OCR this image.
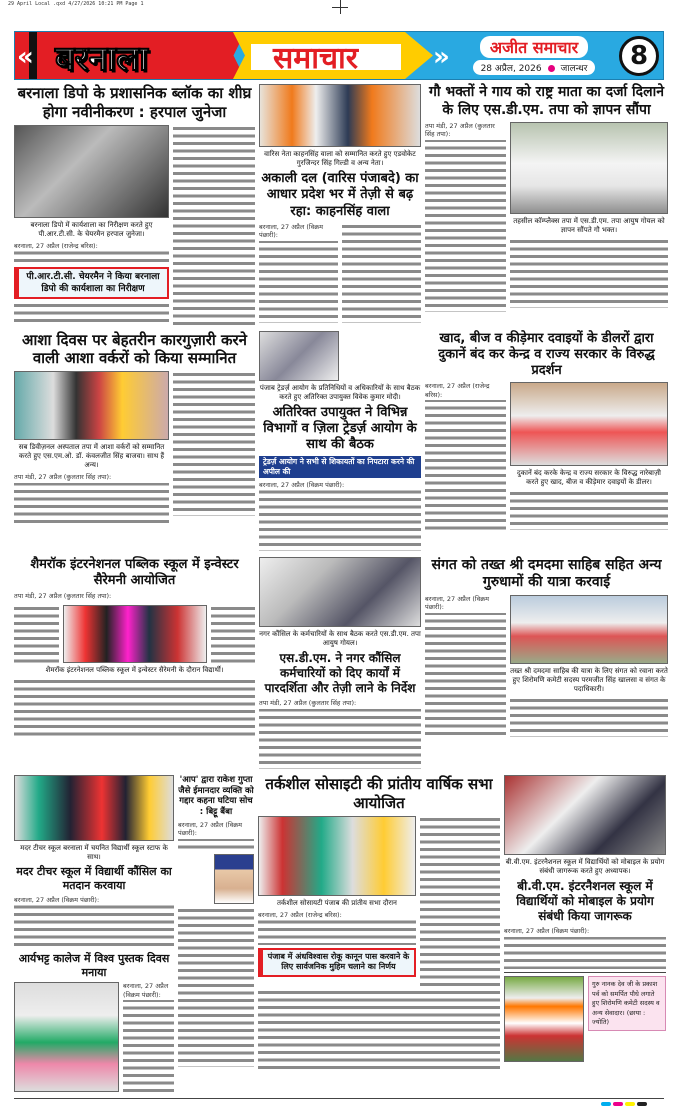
29 April Local .qxd 4/27/2026 10:21 PM Page 1
«	»
बरनाला	समाचार	अजीत समाचार
28 अप्रैल, 2026 जालन्धर	8
बरनाला डिपो के प्रशासनिक ब्लॉक का शीघ्र होगा नवीनीकरण : हरपाल जुनेजा
बरनाला डिपो में कार्यशाला का निरीक्षण करते हुए पी.आर.टी.सी. के चेयरमैन हरपाल जुनेजा।
बरनाला, 27 अप्रैल (राजेन्द्र बरिस):
पी.आर.टी.सी. चेयरमैन ने किया बरनाला डिपो की कार्यशाला का निरीक्षण
वारिस नेता काहनसिंह वाला को सम्मानित करते हुए एडवोकेट गुरजिन्दर सिंह गिल्डी व अन्य नेता।
अकाली दल (वारिस पंजाबदे) का आधार प्रदेश भर में तेज़ी से बढ़ रहा: काहनसिंह वाला
बरनाला, 27 अप्रैल (विक्रम पंछारी):
गौ भक्तों ने गाय को राष्ट्र माता का दर्जा दिलाने के लिए एस.डी.एम. तपा को ज्ञापन सौंपा
तपा मंडी, 27 अप्रैल (कुलतार सिंह तपा):
तहसील कॉम्प्लैक्स तपा में एस.डी.एम. तपा आयुष गोयल को ज्ञापन सौंपते गौ भक्त।
आशा दिवस पर बेहतरीन कारगुज़ारी करने वाली आशा वर्करों को किया सम्मानित
सब डिवीज़नल अस्पताल तपा में आशा वर्करों को सम्मानित करते हुए एस.एम.ओ. डॉ. कंवलजीत सिंह बाजवा। साथ हैं अन्य।
तपा मंडी, 27 अप्रैल (कुलतार सिंह तपा):
पंजाब ट्रेडर्ज़ आयोग के प्रतिनिधियों व अधिकारियों के साथ बैठक करते हुए अतिरिक्त उपायुक्त विवेक कुमार मोदी।
अतिरिक्त उपायुक्त ने विभिन्न विभागों व ज़िला ट्रेडर्ज़ आयोग के साथ की बैठक
ट्रेडर्ज़ आयोग ने सभी से शिकायतों का निपटारा करने की अपील की
बरनाला, 27 अप्रैल (विक्रम पंछारी):
खाद, बीज व कीड़ेमार दवाइयों के डीलरों द्वारा दुकानें बंद कर केन्द्र व राज्य सरकार के विरुद्ध प्रदर्शन
बरनाला, 27 अप्रैल (राजेन्द्र बरिस):
दुकानें बंद करके केन्द्र व राज्य सरकार के विरुद्ध नारेबाज़ी करते हुए खाद, बीज व कीड़ेमार दवाइयों के डीलर।
शैमरॉक इंटरनेशनल पब्लिक स्कूल में इन्वेस्टर सैरेमनी आयोजित
तपा मंडी, 27 अप्रैल (कुलतार सिंह तपा):
शैमरॉक इंटरनेशनल पब्लिक स्कूल में इन्वेस्टर सैरेमनी के दौरान विद्यार्थी।
नगर कौंसिल के कर्मचारियों के साथ बैठक करते एस.डी.एम. तपा आयुष गोयल।
एस.डी.एम. ने नगर कौंसिल कर्मचारियों को दिए कार्यों में पारदर्शिता और तेज़ी लाने के निर्देश
तपा मंडी, 27 अप्रैल (कुलतार सिंह तपा):
संगत को तख्त श्री दमदमा साहिब सहित अन्य गुरुधामों की यात्रा करवाई
बरनाला, 27 अप्रैल (विक्रम पंछारी):
तख्त श्री दमदमा साहिब की यात्रा के लिए संगत को रवाना करते हुए शिरोमणि कमेटी सदस्य परमजीत सिंह खालसा व संगत के पदाधिकारी।
मदर टीचर स्कूल बरनाला में चयनित विद्यार्थी स्कूल स्टाफ के साथ।
मदर टीचर स्कूल में विद्यार्थी कौंसिल का मतदान करवाया
बरनाला, 27 अप्रैल (विक्रम पंछारी):
आर्यभट्ट कालेज में विश्व पुस्तक दिवस मनाया
बरनाला, 27 अप्रैल (विक्रम पंछारी):
'आप' द्वारा राकेश गुप्ता जैसे ईमानदार व्यक्ति को गद्दार कहना घटिया सोच : बिट्टू बैंबा
बरनाला, 27 अप्रैल (विक्रम पंछारी):
तर्कशील सोसाइटी की प्रांतीय वार्षिक सभा आयोजित
तर्कशील सोसायटी पंजाब की प्रांतीय सभा दौरान
बरनाला, 27 अप्रैल (राजेन्द्र बरिस):
पंजाब में अंधविश्वास रोकू कानून पास करवाने के लिए सार्वजनिक मुहिम चलाने का निर्णय
बी.वी.एम. इंटरनैशनल स्कूल में विद्यार्थियों को मोबाइल के प्रयोग संबंधी जागरूक करते हुए अध्यापक।
बी.वी.एम. इंटरनैशनल स्कूल में विद्यार्थियों को मोबाइल के प्रयोग संबंधी किया जागरूक
बरनाला, 27 अप्रैल (विक्रम पंछारी):
गुरु नानक देव जी के प्रकाश पर्व को समर्पित पौधे लगाते हुए शिरोमणि कमेटी सदस्य व अन्य सेवादार। (छाया : ज्योति)
